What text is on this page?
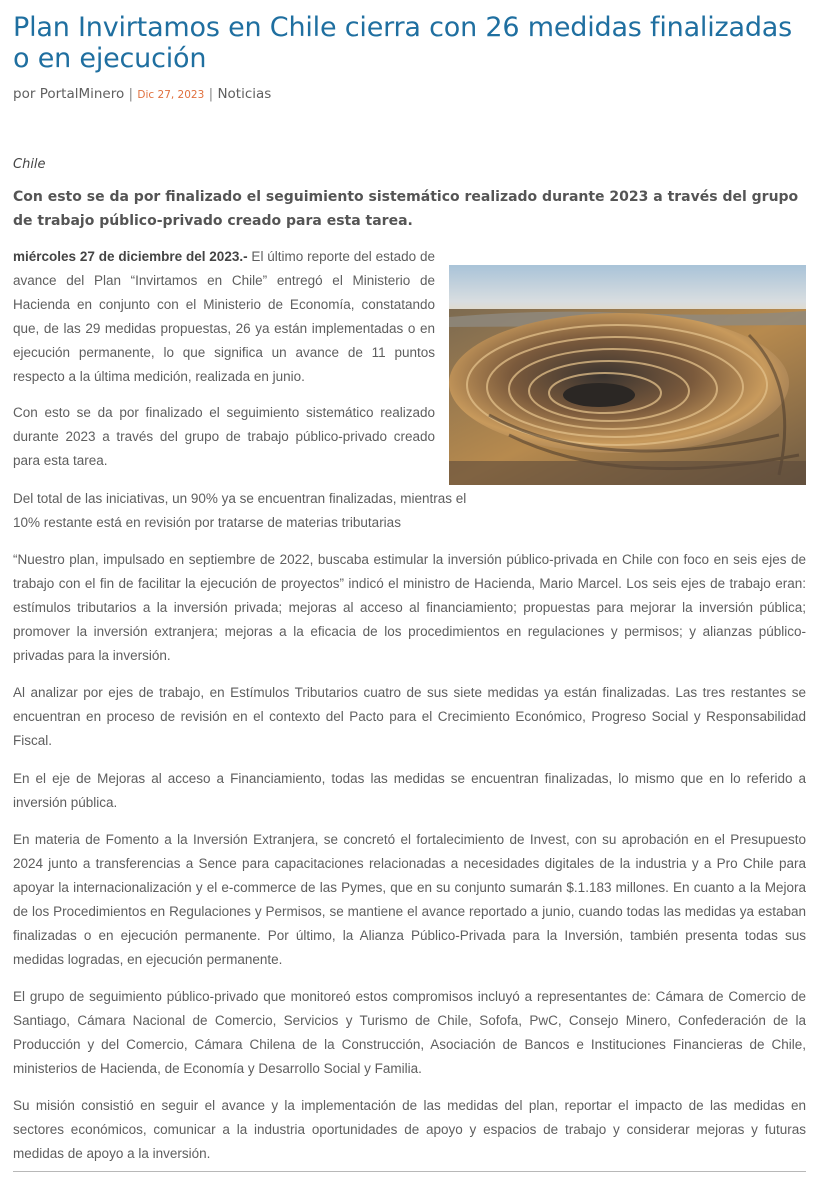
Plan Invirtamos en Chile cierra con 26 medidas finalizadas o en ejecución
por PortalMinero | Dic 27, 2023 | Noticias
Chile
Con esto se da por finalizado el seguimiento sistemático realizado durante 2023 a través del grupo de trabajo público-privado creado para esta tarea.

miércoles 27 de diciembre del 2023.- El último reporte del estado de avance del Plan “Invirtamos en Chile” entregó el Ministerio de Hacienda en conjunto con el Ministerio de Economía, constatando que, de las 29 medidas propuestas, 26 ya están implementadas o en ejecución permanente, lo que significa un avance de 11 puntos respecto a la última medición, realizada en junio.

Con esto se da por finalizado el seguimiento sistemático realizado durante 2023 a través del grupo de trabajo público-privado creado para esta tarea.

Del total de las iniciativas, un 90% ya se encuentran finalizadas, mientras el 10% restante está en revisión por tratarse de materias tributarias

“Nuestro plan, impulsado en septiembre de 2022, buscaba estimular la inversión público-privada en Chile con foco en seis ejes de trabajo con el fin de facilitar la ejecución de proyectos” indicó el ministro de Hacienda, Mario Marcel. Los seis ejes de trabajo eran: estímulos tributarios a la inversión privada; mejoras al acceso al financiamiento; propuestas para mejorar la inversión pública; promover la inversión extranjera; mejoras a la eficacia de los procedimientos en regulaciones y permisos; y alianzas público-privadas para la inversión.

Al analizar por ejes de trabajo, en Estímulos Tributarios cuatro de sus siete medidas ya están finalizadas. Las tres restantes se encuentran en proceso de revisión en el contexto del Pacto para el Crecimiento Económico, Progreso Social y Responsabilidad Fiscal.

En el eje de Mejoras al acceso a Financiamiento, todas las medidas se encuentran finalizadas, lo mismo que en lo referido a inversión pública.

En materia de Fomento a la Inversión Extranjera, se concretó el fortalecimiento de Invest, con su aprobación en el Presupuesto 2024 junto a transferencias a Sence para capacitaciones relacionadas a necesidades digitales de la industria y a Pro Chile para apoyar la internacionalización y el e-commerce de las Pymes, que en su conjunto sumarán $.1.183 millones. En cuanto a la Mejora de los Procedimientos en Regulaciones y Permisos, se mantiene el avance reportado a junio, cuando todas las medidas ya estaban finalizadas o en ejecución permanente. Por último, la Alianza Público-Privada para la Inversión, también presenta todas sus medidas logradas, en ejecución permanente.

El grupo de seguimiento público-privado que monitoreó estos compromisos incluyó a representantes de: Cámara de Comercio de Santiago, Cámara Nacional de Comercio, Servicios y Turismo de Chile, Sofofa, PwC, Consejo Minero, Confederación de la Producción y del Comercio, Cámara Chilena de la Construcción, Asociación de Bancos e Instituciones Financieras de Chile, ministerios de Hacienda, de Economía y Desarrollo Social y Familia.

Su misión consistió en seguir el avance y la implementación de las medidas del plan, reportar el impacto de las medidas en sectores económicos, comunicar a la industria oportunidades de apoyo y espacios de trabajo y considerar mejoras y futuras medidas de apoyo a la inversión.
